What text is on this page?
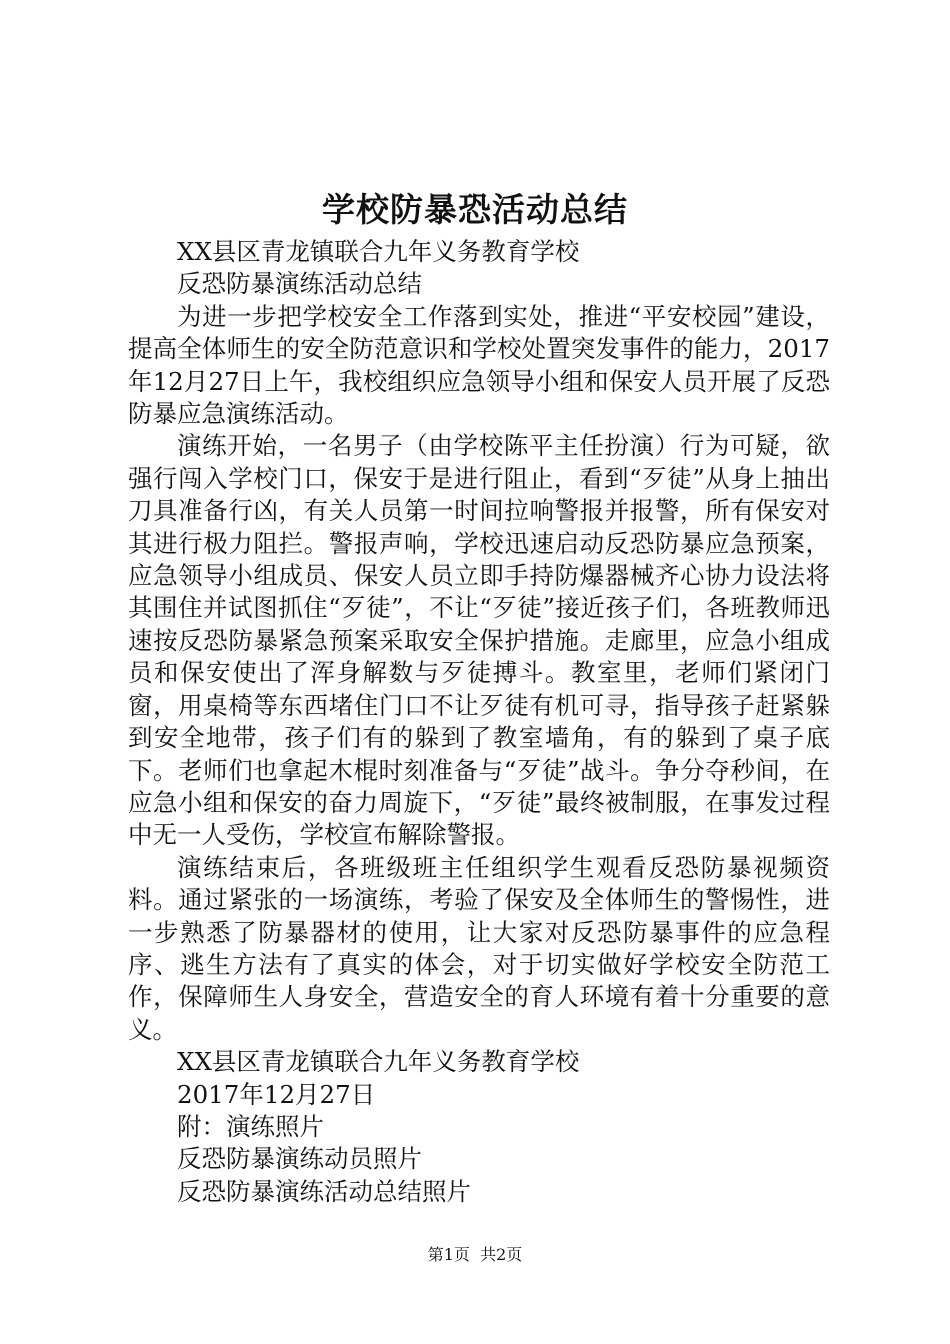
学校防暴恐活动总结

XX县区青龙镇联合九年义务教育学校

反恐防暴演练活动总结

为进一步把学校安全工作落到实处，推进“平安校园”建设，提高全体师生的安全防范意识和学校处置突发事件的能力，2017年12月27日上午，我校组织应急领导小组和保安人员开展了反恐防暴应急演练活动。

演练开始，一名男子（由学校陈平主任扮演）行为可疑，欲强行闯入学校门口，保安于是进行阻止，看到“歹徒”从身上抽出刀具准备行凶，有关人员第一时间拉响警报并报警，所有保安对其进行极力阻拦。警报声响，学校迅速启动反恐防暴应急预案，应急领导小组成员、保安人员立即手持防爆器械齐心协力设法将其围住并试图抓住“歹徒”，不让“歹徒”接近孩子们，各班教师迅速按反恐防暴紧急预案采取安全保护措施。走廊里，应急小组成员和保安使出了浑身解数与歹徒搏斗。教室里，老师们紧闭门窗，用桌椅等东西堵住门口不让歹徒有机可寻，指导孩子赶紧躲到安全地带，孩子们有的躲到了教室墙角，有的躲到了桌子底下。老师们也拿起木棍时刻准备与“歹徒”战斗。争分夺秒间，在应急小组和保安的奋力周旋下，“歹徒”最终被制服，在事发过程中无一人受伤，学校宣布解除警报。

演练结束后，各班级班主任组织学生观看反恐防暴视频资料。通过紧张的一场演练，考验了保安及全体师生的警惕性，进一步熟悉了防暴器材的使用，让大家对反恐防暴事件的应急程序、逃生方法有了真实的体会，对于切实做好学校安全防范工作，保障师生人身安全，营造安全的育人环境有着十分重要的意义。

XX县区青龙镇联合九年义务教育学校

2017年12月27日

附：演练照片

反恐防暴演练动员照片

反恐防暴演练活动总结照片

第1页 共2页
